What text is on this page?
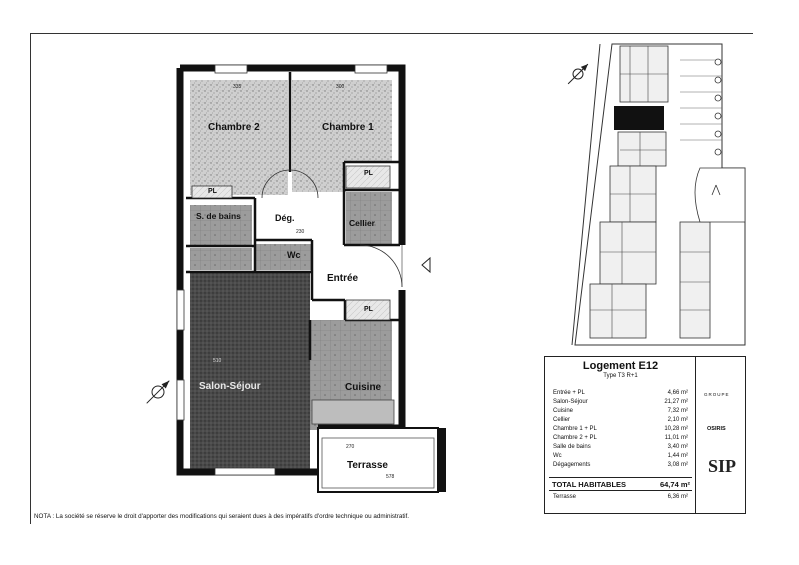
Chambre 2	Chambre 1
S. de bains	Dég.	Cellier
Wc
Entrée
Salon-Séjour	Cuisine
Terrasse
PL
PL
PL
335	300
230
510
270
578
Logement E12
Type T3 R+1
Entrée + PL	4,66 m²
Salon-Séjour	21,27 m²
Cuisine	7,32 m²
Cellier	2,10 m²
Chambre 1 + PL	10,28 m²
Chambre 2 + PL	11,01 m²
Salle de bains	3,40 m²
Wc	1,44 m²
Dégagements	3,08 m²
TOTAL HABITABLES	64,74 m²
Terrasse	6,36 m²
GROUPE
OSIRIS
SIP
NOTA : La société se réserve le droit d'apporter des modifications qui seraient dues à des impératifs d'ordre technique ou administratif.
